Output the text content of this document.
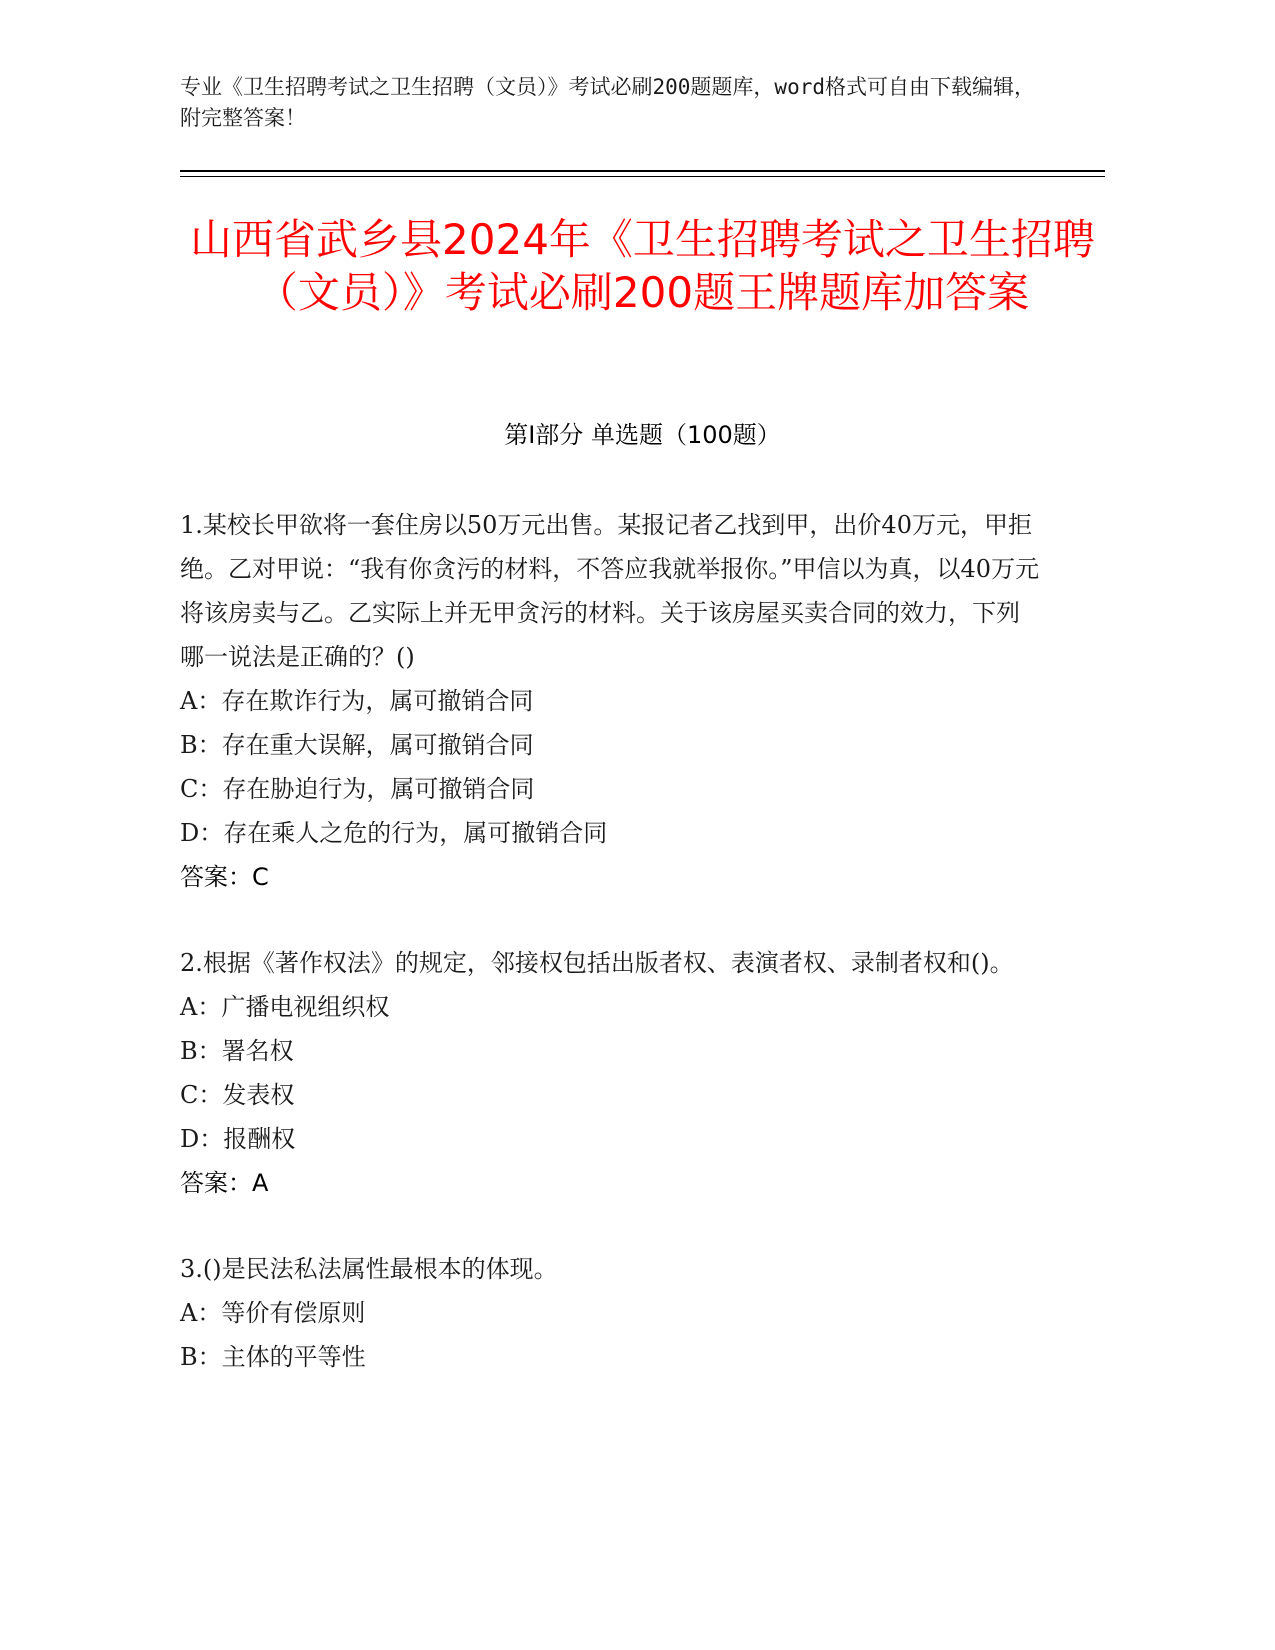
专业《卫生招聘考试之卫生招聘（文员）》考试必刷200题题库，word格式可自由下载编辑，附完整答案！
山西省武乡县2024年《卫生招聘考试之卫生招聘（文员）》考试必刷200题王牌题库加答案
第I部分 单选题（100题）

1.某校长甲欲将一套住房以50万元出售。某报记者乙找到甲，出价40万元，甲拒绝。乙对甲说：“我有你贪污的材料，不答应我就举报你。”甲信以为真，以40万元将该房卖与乙。乙实际上并无甲贪污的材料。关于该房屋买卖合同的效力，下列哪一说法是正确的？()

A：存在欺诈行为，属可撤销合同

B：存在重大误解，属可撤销合同

C：存在胁迫行为，属可撤销合同

D：存在乘人之危的行为，属可撤销合同

答案：C

2.根据《著作权法》的规定，邻接权包括出版者权、表演者权、录制者权和()。

A：广播电视组织权

B：署名权

C：发表权

D：报酬权

答案：A

3.()是民法私法属性最根本的体现。

A：等价有偿原则

B：主体的平等性
